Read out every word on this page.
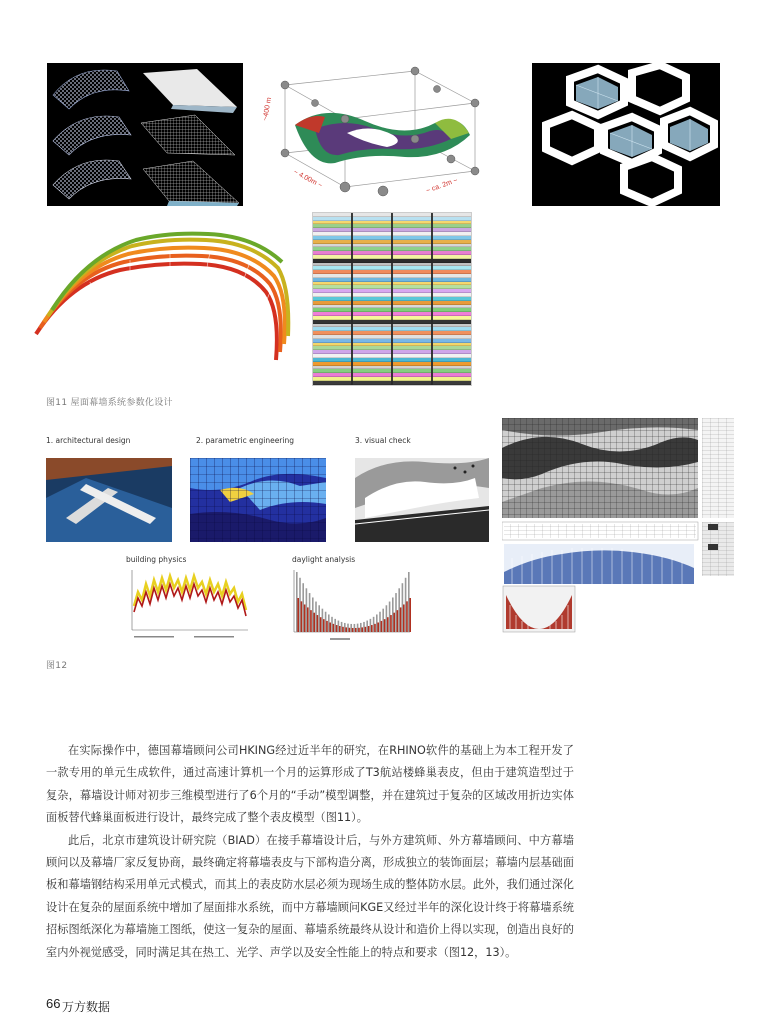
~400 m
~ 4.00m ~	~ ca. 2m ~
图11 屋面幕墙系统参数化设计
1. architectural design	2. parametric engineering	3. visual check
building physics	daylight analysis
图12

在实际操作中，德国幕墙顾问公司HKING经过近半年的研究，在RHINO软件的基础上为本工程开发了一款专用的单元生成软件，通过高速计算机一个月的运算形成了T3航站楼蜂巢表皮，但由于建筑造型过于复杂，幕墙设计师对初步三维模型进行了6个月的“手动”模型调整，并在建筑过于复杂的区域改用折边实体面板替代蜂巢面板进行设计，最终完成了整个表皮模型（图11）。

此后，北京市建筑设计研究院（BIAD）在接手幕墙设计后，与外方建筑师、外方幕墙顾问、中方幕墙顾问以及幕墙厂家反复协商，最终确定将幕墙表皮与下部构造分离，形成独立的装饰面层；幕墙内层基础面板和幕墙钢结构采用单元式模式，而其上的表皮防水层必须为现场生成的整体防水层。此外，我们通过深化设计在复杂的屋面系统中增加了屋面排水系统，而中方幕墙顾问KGE又经过半年的深化设计终于将幕墙系统招标图纸深化为幕墙施工图纸，使这一复杂的屋面、幕墙系统最终从设计和造价上得以实现，创造出良好的室内外视觉感受，同时满足其在热工、光学、声学以及安全性能上的特点和要求（图12，13）。

66 万方数据
